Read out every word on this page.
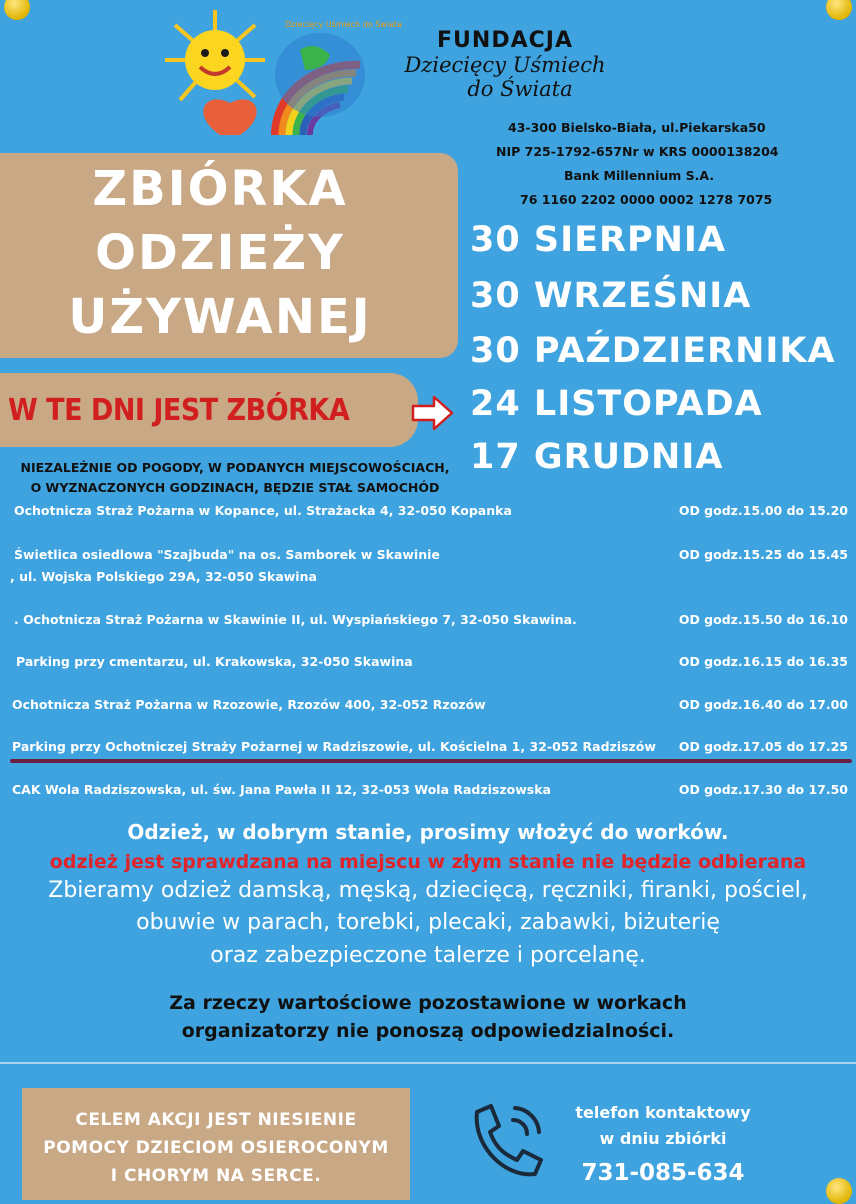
Dziecięcy Uśmiech do Świata
FUNDACJA
Dziecięcy Uśmiech
do Świata
43-300 Bielsko-Biała, ul.Piekarska50
NIP 725-1792-657Nr w KRS 0000138204
Bank Millennium S.A.
76 1160 2202 0000 0002 1278 7075
ZBIÓRKA
ODZIEŻY
UŻYWANEJ
W TE DNI JEST ZBÓRKA
30 SIERPNIA
30 WRZEŚNIA
30 PAŹDZIERNIKA
24 LISTOPADA
17 GRUDNIA
NIEZALEŻNIE OD POGODY, W PODANYCH MIEJSCOWOŚCIACH,
O WYZNACZONYCH GODZINACH, BĘDZIE STAŁ SAMOCHÓD
Ochotnicza Straż Pożarna w Kopance, ul. Strażacka 4, 32-050 Kopanka	OD godz.15.00 do 15.20
Świetlica osiedlowa "Szajbuda" na os. Samborek w Skawinie	OD godz.15.25 do 15.45
, ul. Wojska Polskiego 29A, 32-050 Skawina
. Ochotnicza Straż Pożarna w Skawinie II, ul. Wyspiańskiego 7, 32-050 Skawina.	OD godz.15.50 do 16.10
Parking przy cmentarzu, ul. Krakowska, 32-050 Skawina	OD godz.16.15 do 16.35
Ochotnicza Straż Pożarna w Rzozowie, Rzozów 400, 32-052 Rzozów	OD godz.16.40 do 17.00
Parking przy Ochotniczej Straży Pożarnej w Radziszowie, ul. Kościelna 1, 32-052 Radziszów OD godz.17.05 do 17.25
CAK Wola Radziszowska, ul. św. Jana Pawła II 12, 32-053 Wola Radziszowska	OD godz.17.30 do 17.50
Odzież, w dobrym stanie, prosimy włożyć do worków.
odzież jest sprawdzana na miejscu w złym stanie nie będzie odbierana
Zbieramy odzież damską, męską, dziecięcą, ręczniki, firanki, pościel,
obuwie w parach, torebki, plecaki, zabawki, biżuterię
oraz zabezpieczone talerze i porcelanę.
Za rzeczy wartościowe pozostawione w workach
organizatorzy nie ponoszą odpowiedzialności.
CELEM AKCJI JEST NIESIENIE
POMOCY DZIECIOM OSIEROCONYM
I CHORYM NA SERCE.
telefon kontaktowy
w dniu zbiórki
731-085-634
